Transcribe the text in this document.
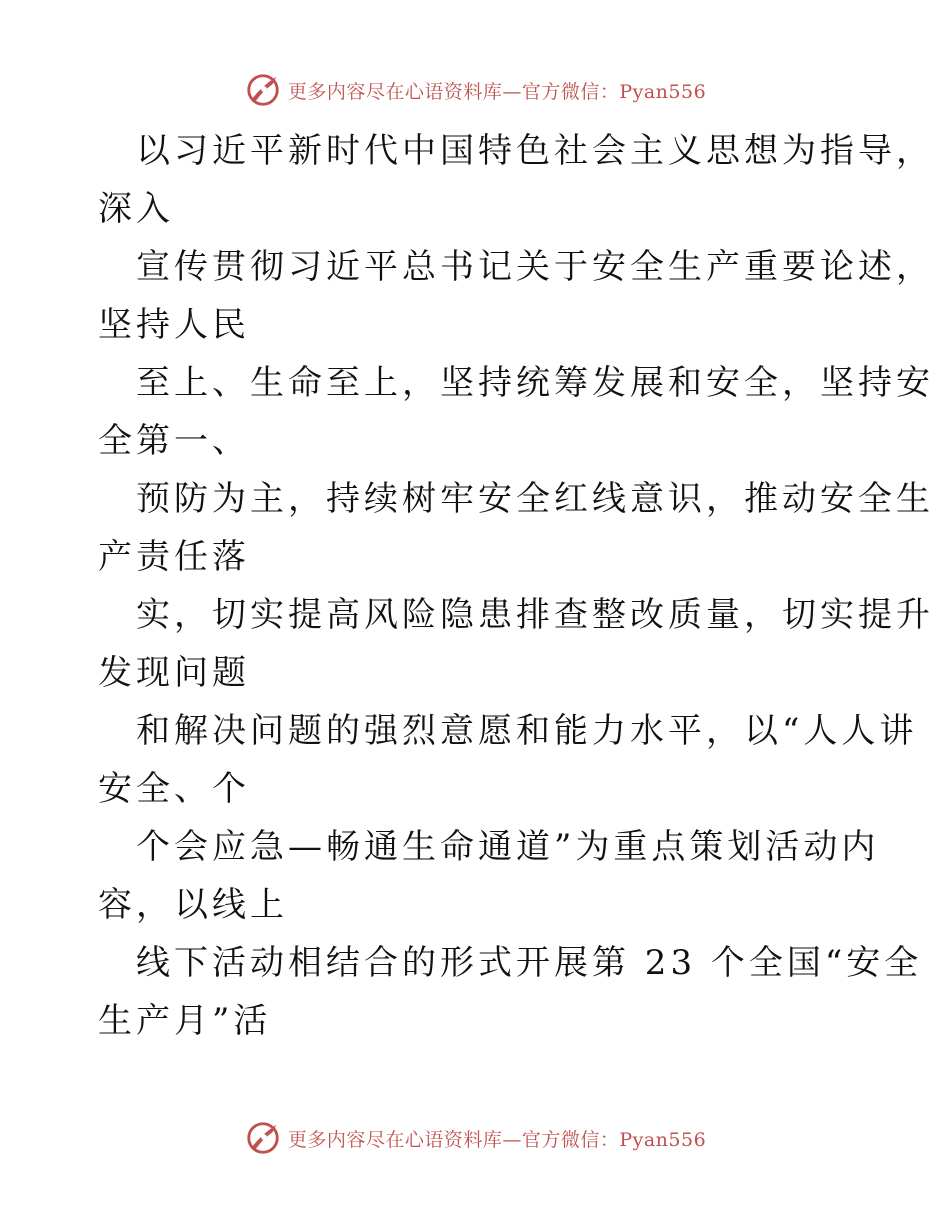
更多内容尽在心语资料库—官方微信：Pyan556

以习近平新时代中国特色社会主义思想为指导，

深入

宣传贯彻习近平总书记关于安全生产重要论述，

坚持人民

至上、生命至上，坚持统筹发展和安全，坚持安

全第一、

预防为主，持续树牢安全红线意识，推动安全生

产责任落

实，切实提高风险隐患排查整改质量，切实提升

发现问题

和解决问题的强烈意愿和能力水平，以“人人讲

安全、个

个会应急—畅通生命通道”为重点策划活动内

容，以线上

线下活动相结合的形式开展第 23 个全国“安全

生产月”活

更多内容尽在心语资料库—官方微信：Pyan556
